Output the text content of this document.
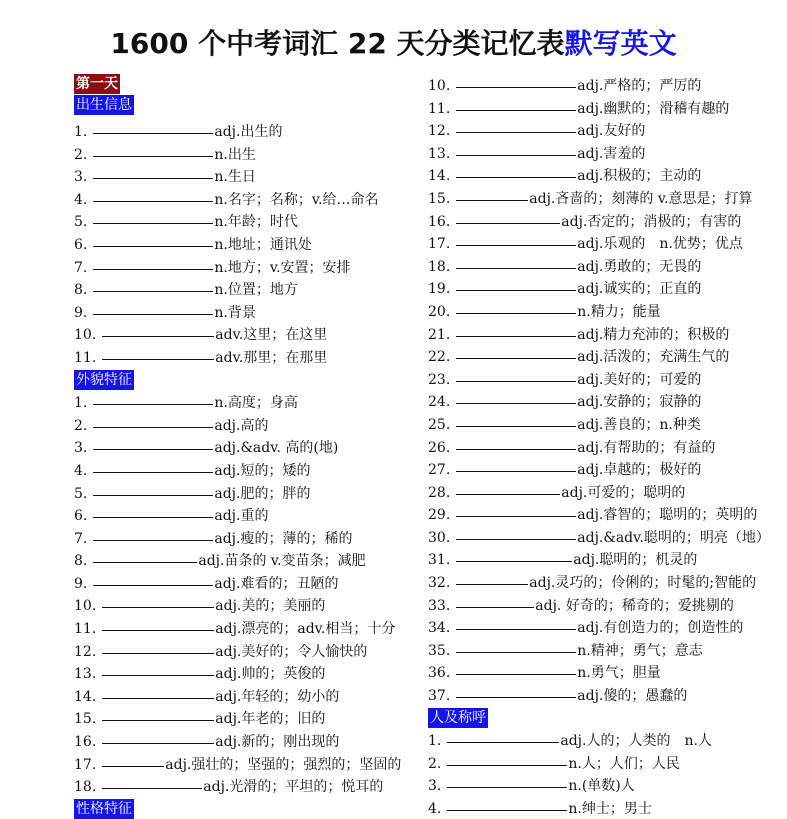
1600 个中考词汇 22 天分类记忆表默写英文
第一天
出生信息
1.	adj.出生的
2.	n.出生
3.	n.生日
4.	n.名字；名称；v.给…命名
5.	n.年龄；时代
6.	n.地址；通讯处
7.	n.地方；v.安置；安排
8.	n.位置；地方
9.	n.背景
10.	adv.这里；在这里
11.	adv.那里；在那里
外貌特征
1.	n.高度；身高
2.	adj.高的
3.	adj.&adv. 高的(地)
4.	adj.短的；矮的
5.	adj.肥的；胖的
6.	adj.重的
7.	adj.瘦的；薄的；稀的
8.	adj.苗条的 v.变苗条；减肥
9.	adj.难看的；丑陋的
10.	adj.美的；美丽的
11.	adj.漂亮的；adv.相当；十分
12.	adj.美好的；令人愉快的
13.	adj.帅的；英俊的
14.	adj.年轻的；幼小的
15.	adj.年老的；旧的
16.	adj.新的；刚出现的
17.	adj.强壮的；坚强的；强烈的；坚固的
18.	adj.光滑的；平坦的；悦耳的
性格特征
10.	adj.严格的；严厉的
11.	adj.幽默的；滑稽有趣的
12.	adj.友好的
13.	adj.害羞的
14.	adj.积极的；主动的
15.	adj.吝啬的；刻薄的 v.意思是；打算
16.	adj.否定的；消极的；有害的
17.	adj.乐观的　n.优势；优点
18.	adj.勇敢的；无畏的
19.	adj.诚实的；正直的
20.	n.精力；能量
21.	adj.精力充沛的；积极的
22.	adj.活泼的；充满生气的
23.	adj.美好的；可爱的
24.	adj.安静的；寂静的
25.	adj.善良的；n.种类
26.	adj.有帮助的；有益的
27.	adj.卓越的；极好的
28.	adj.可爱的；聪明的
29.	adj.睿智的；聪明的；英明的
30.	adj.&adv.聪明的；明亮（地）
31.	adj.聪明的；机灵的
32.	adj.灵巧的；伶俐的；时髦的;智能的
33.	adj. 好奇的；稀奇的；爱挑剔的
34.	adj.有创造力的；创造性的
35.	n.精神；勇气；意志
36.	n.勇气；胆量
37.	adj.傻的；愚蠢的
人及称呼
1.	adj.人的；人类的　n.人
2.	n.人；人们；人民
3.	n.(单数)人
4.	n.绅士；男士
